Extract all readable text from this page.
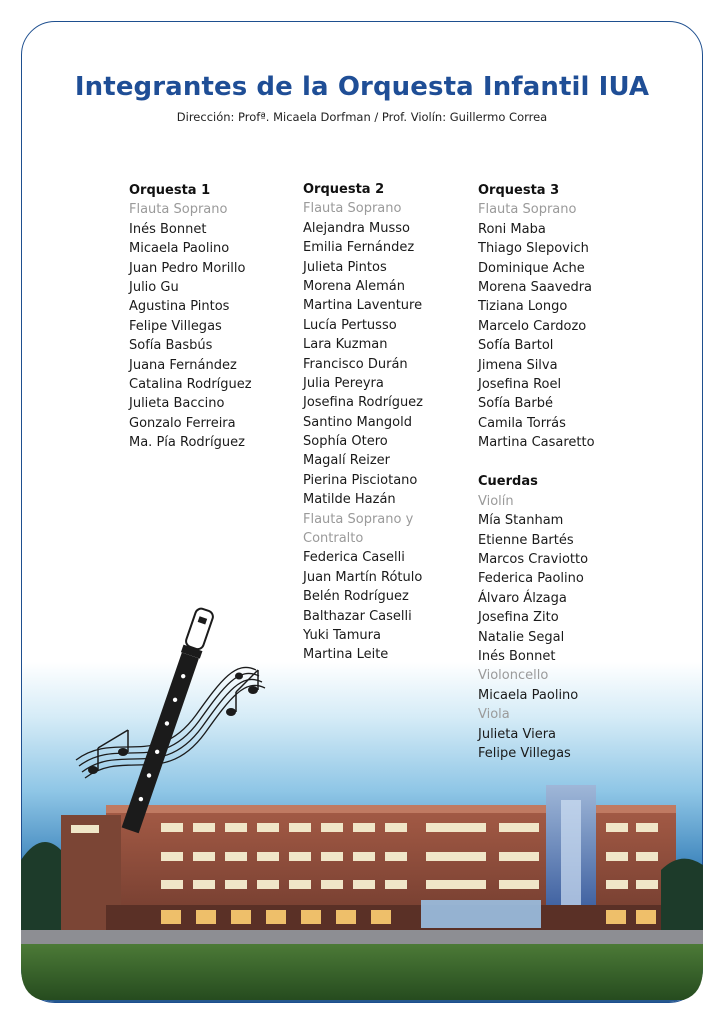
Integrantes de la Orquesta Infantil IUA
Dirección: Profª. Micaela Dorfman / Prof. Violín: Guillermo Correa
Orquesta 1
Flauta Soprano
Inés Bonnet
Micaela Paolino
Juan Pedro Morillo
Julio Gu
Agustina Pintos
Felipe Villegas
Sofía Basbús
Juana Fernández
Catalina Rodríguez
Julieta Baccino
Gonzalo Ferreira
Ma. Pía Rodríguez
Orquesta 2
Flauta Soprano
Alejandra Musso
Emilia Fernández
Julieta Pintos
Morena Alemán
Martina Laventure
Lucía Pertusso
Lara Kuzman
Francisco Durán
Julia Pereyra
Josefina Rodríguez
Santino Mangold
Sophía Otero
Magalí Reizer
Pierina Pisciotano
Matilde Hazán
Flauta Soprano y
Contralto
Federica Caselli
Juan Martín Rótulo
Belén Rodríguez
Balthazar Caselli
Yuki Tamura
Martina Leite
Orquesta 3
Flauta Soprano
Roni Maba
Thiago Slepovich
Dominique Ache
Morena Saavedra
Tiziana Longo
Marcelo Cardozo
Sofía Bartol
Jimena Silva
Josefina Roel
Sofía Barbé
Camila Torrás
Martina Casaretto
Cuerdas
Violín
Mía Stanham
Etienne Bartés
Marcos Craviotto
Federica Paolino
Álvaro Álzaga
Josefina Zito
Natalie Segal
Inés Bonnet
Violoncello
Micaela Paolino
Viola
Julieta Viera
Felipe Villegas
